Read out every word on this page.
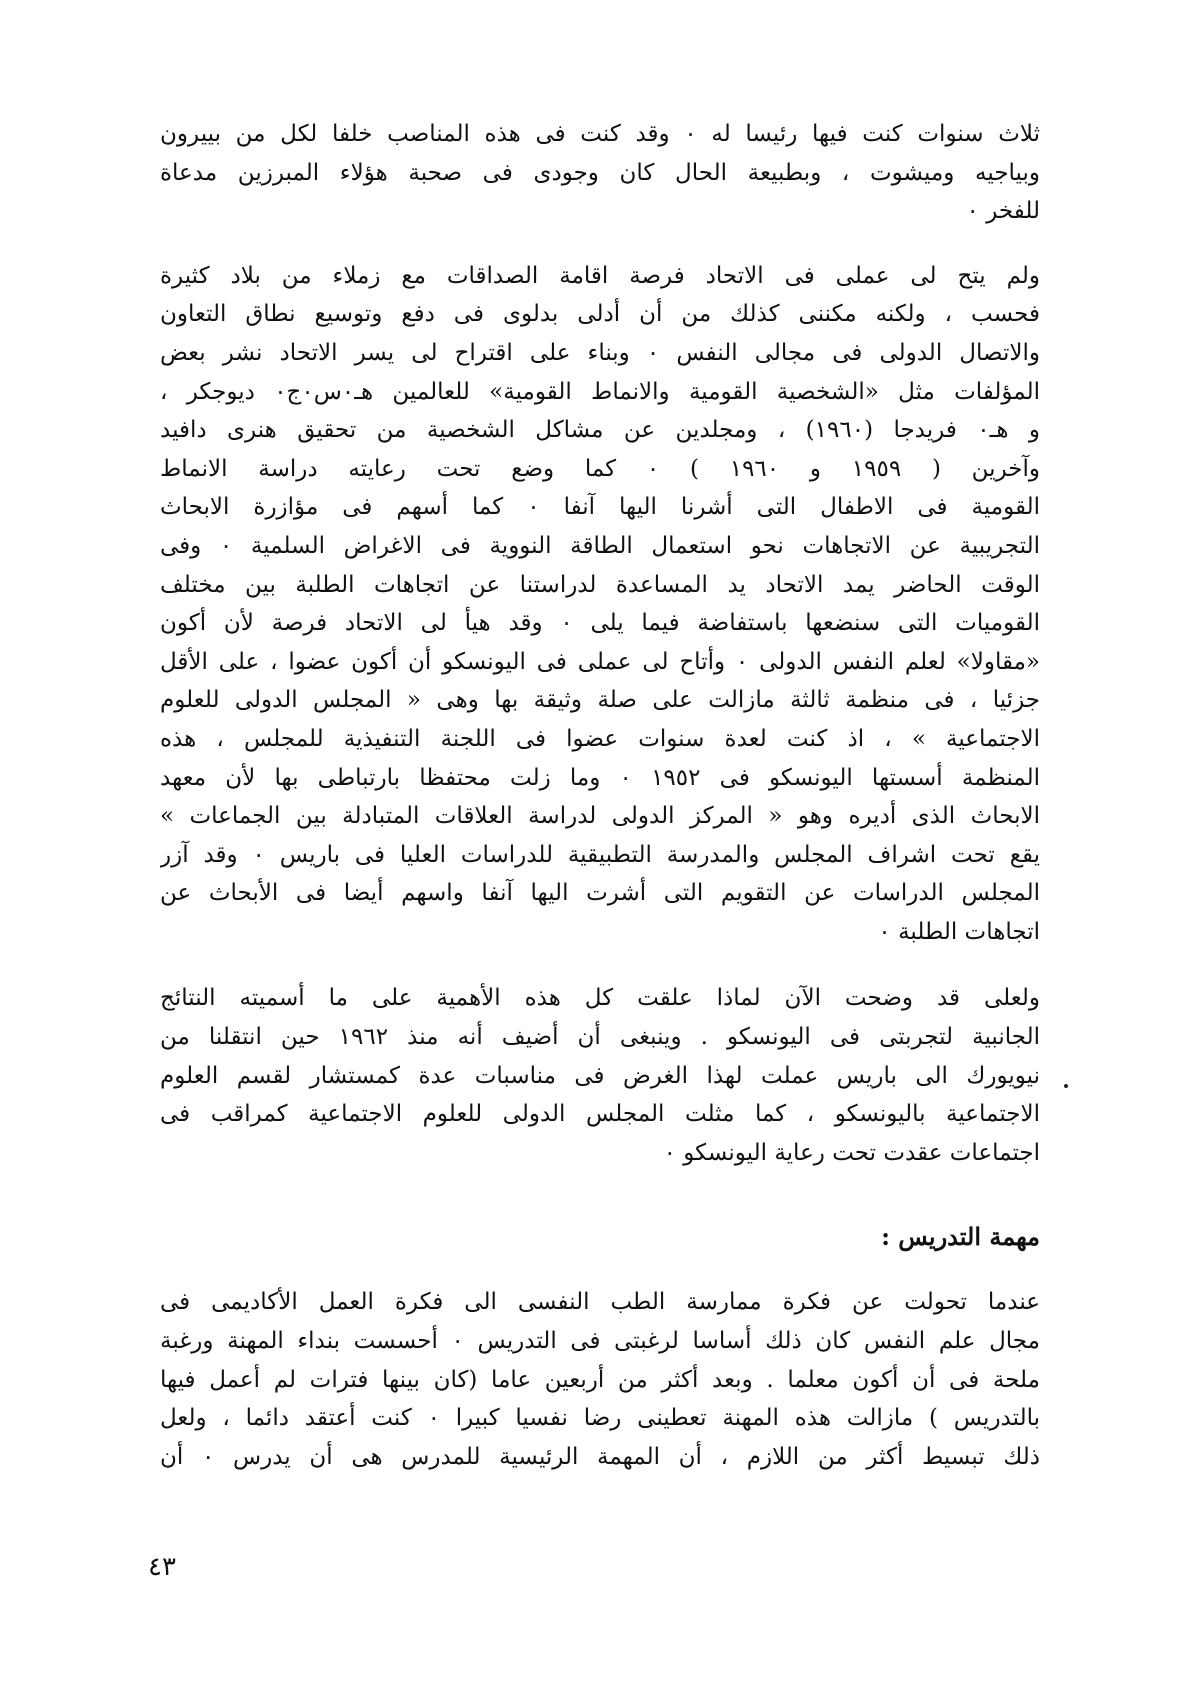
ثلاث سنوات كنت فيها رئيسا له ٠ وقد كنت فى هذه المناصب خلفا لكل من بييرون
وبياجيه وميشوت ، وبطبيعة الحال كان وجودى فى صحبة هؤلاء المبرزين مدعاة
للفخر ٠
ولم يتح لى عملى فى الاتحاد فرصة اقامة الصداقات مع زملاء من بلاد كثيرة
فحسب ، ولكنه مكننى كذلك من أن أدلى بدلوى فى دفع وتوسيع نطاق التعاون
والاتصال الدولى فى مجالى النفس ٠ وبناء على اقتراح لى يسر الاتحاد نشر بعض
المؤلفات مثل «الشخصية القومية والانماط القومية» للعالمين هـ٠س٠ج٠ ديوجكر ،
و هـ٠ فريدجا (١٩٦٠) ، ومجلدين عن مشاكل الشخصية من تحقيق هنرى دافيد
وآخرين ( ١٩٥٩ و ١٩٦٠ ) ٠ كما وضع تحت رعايته دراسة الانماط
القومية فى الاطفال التى أشرنا اليها آنفا ٠ كما أسهم فى مؤازرة الابحاث
التجريبية عن الاتجاهات نحو استعمال الطاقة النووية فى الاغراض السلمية ٠ وفى
الوقت الحاضر يمد الاتحاد يد المساعدة لدراستنا عن اتجاهات الطلبة بين مختلف
القوميات التى سنضعها باستفاضة فيما يلى ٠ وقد هيأ لى الاتحاد فرصة لأن أكون
«مقاولا» لعلم النفس الدولى ٠ وأتاح لى عملى فى اليونسكو أن أكون عضوا ، على الأقل
جزئيا ، فى منظمة ثالثة مازالت على صلة وثيقة بها وهى « المجلس الدولى للعلوم
الاجتماعية » ، اذ كنت لعدة سنوات عضوا فى اللجنة التنفيذية للمجلس ، هذه
المنظمة أسستها اليونسكو فى ١٩٥٢ ٠ وما زلت محتفظا بارتباطى بها لأن معهد
الابحاث الذى أديره وهو « المركز الدولى لدراسة العلاقات المتبادلة بين الجماعات »
يقع تحت اشراف المجلس والمدرسة التطبيقية للدراسات العليا فى باريس ٠ وقد آزر
المجلس الدراسات عن التقويم التى أشرت اليها آنفا واسهم أيضا فى الأبحاث عن
اتجاهات الطلبة ٠
ولعلى قد وضحت الآن لماذا علقت كل هذه الأهمية على ما أسميته النتائج
الجانبية لتجربتى فى اليونسكو . وينبغى أن أضيف أنه منذ ١٩٦٢ حين انتقلنا من
نيويورك الى باريس عملت لهذا الغرض فى مناسبات عدة كمستشار لقسم العلوم
الاجتماعية باليونسكو ، كما مثلت المجلس الدولى للعلوم الاجتماعية كمراقب فى
اجتماعات عقدت تحت رعاية اليونسكو ٠
مهمة التدريس :
عندما تحولت عن فكرة ممارسة الطب النفسى الى فكرة العمل الأكاديمى فى
مجال علم النفس كان ذلك أساسا لرغبتى فى التدريس ٠ أحسست بنداء المهنة ورغبة
ملحة فى أن أكون معلما . وبعد أكثر من أربعين عاما (كان بينها فترات لم أعمل فيها
بالتدريس ) مازالت هذه المهنة تعطينى رضا نفسيا كبيرا ٠ كنت أعتقد دائما ، ولعل
ذلك تبسيط أكثر من اللازم ، أن المهمة الرئيسية للمدرس هى أن يدرس ٠ أن
٤٣
